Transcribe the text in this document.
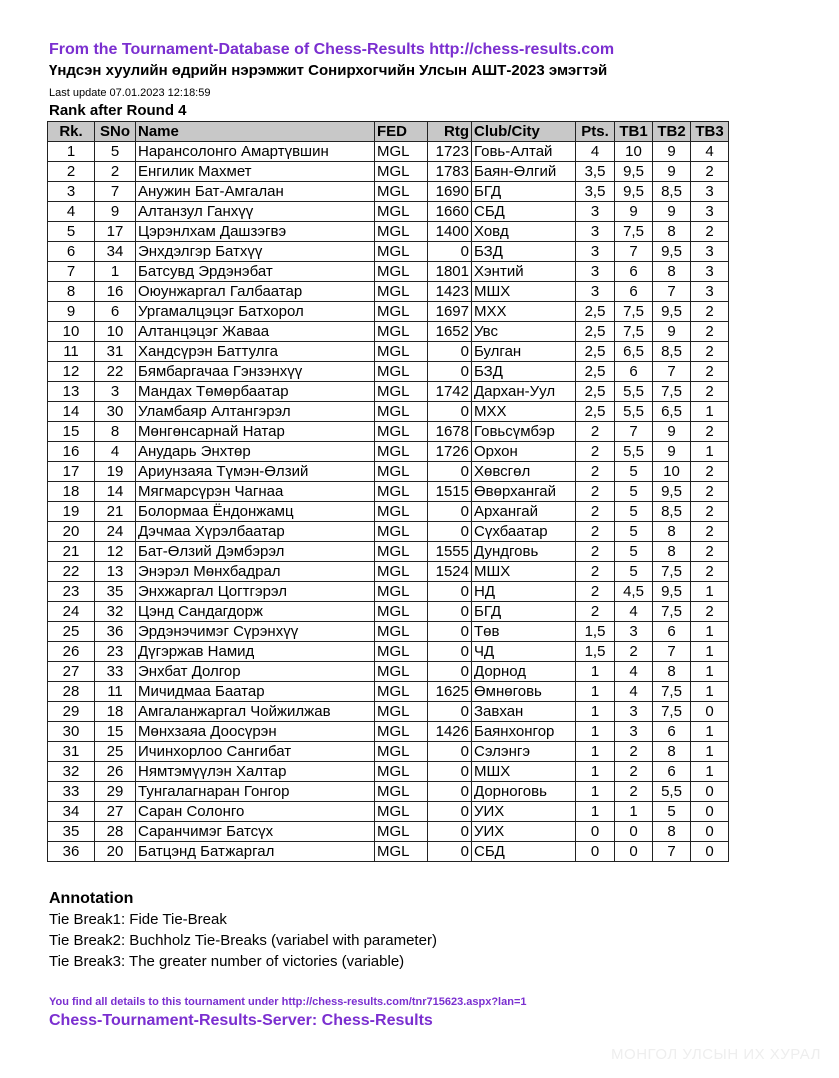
From the Tournament-Database of Chess-Results http://chess-results.com
Үндсэн хуулийн өдрийн нэрэмжит Сонирхогчийн Улсын АШТ-2023 эмэгтэй
Last update 07.01.2023 12:18:59
Rank after Round 4
Rk.	SNo	Name	FED	Rtg	Club/City	Pts.	TB1	TB2	TB3
1	5	Нарансолонго Амартүвшин	MGL	1723	Говь-Алтай	4	10	9	4
2	2	Енгилик Махмет	MGL	1783	Баян-Өлгий	3,5	9,5	9	2
3	7	Анужин Бат-Амгалан	MGL	1690	БГД	3,5	9,5	8,5	3
4	9	Алтанзул Ганхүү	MGL	1660	СБД	3	9	9	3
5	17	Цэрэнлхам Дашзэгвэ	MGL	1400	Ховд	3	7,5	8	2
6	34	Энхдэлгэр Батхүү	MGL	0	БЗД	3	7	9,5	3
7	1	Батсувд Эрдэнэбат	MGL	1801	Хэнтий	3	6	8	3
8	16	Оюунжаргал Галбаатар	MGL	1423	МШХ	3	6	7	3
9	6	Ургамалцэцэг Батхорол	MGL	1697	МХХ	2,5	7,5	9,5	2
10	10	Алтанцэцэг Жаваа	MGL	1652	Увс	2,5	7,5	9	2
11	31	Хандсүрэн Баттулга	MGL	0	Булган	2,5	6,5	8,5	2
12	22	Бямбаргачаа Гэнзэнхүү	MGL	0	БЗД	2,5	6	7	2
13	3	Мандах Төмөрбаатар	MGL	1742	Дархан-Уул	2,5	5,5	7,5	2
14	30	Уламбаяр Алтангэрэл	MGL	0	МХХ	2,5	5,5	6,5	1
15	8	Мөнгөнсарнай Натар	MGL	1678	Говьсүмбэр	2	7	9	2
16	4	Анударь Энхтөр	MGL	1726	Орхон	2	5,5	9	1
17	19	Ариунзаяа Түмэн-Өлзий	MGL	0	Хөвсгөл	2	5	10	2
18	14	Мягмарсүрэн Чагнаа	MGL	1515	Өвөрхангай	2	5	9,5	2
19	21	Болормаа Ёндонжамц	MGL	0	Архангай	2	5	8,5	2
20	24	Дэчмаа Хүрэлбаатар	MGL	0	Сүхбаатар	2	5	8	2
21	12	Бат-Өлзий Дэмбэрэл	MGL	1555	Дундговь	2	5	8	2
22	13	Энэрэл Мөнхбадрал	MGL	1524	МШХ	2	5	7,5	2
23	35	Энхжаргал Цогтгэрэл	MGL	0	НД	2	4,5	9,5	1
24	32	Цэнд Сандагдорж	MGL	0	БГД	2	4	7,5	2
25	36	Эрдэнэчимэг Сүрэнхүү	MGL	0	Төв	1,5	3	6	1
26	23	Дүгэржав Намид	MGL	0	ЧД	1,5	2	7	1
27	33	Энхбат Долгор	MGL	0	Дорнод	1	4	8	1
28	11	Мичидмаа Баатар	MGL	1625	Өмнөговь	1	4	7,5	1
29	18	Амгаланжаргал Чойжилжав	MGL	0	Завхан	1	3	7,5	0
30	15	Мөнхзаяа Доосүрэн	MGL	1426	Баянхонгор	1	3	6	1
31	25	Ичинхорлоо Сангибат	MGL	0	Сэлэнгэ	1	2	8	1
32	26	Нямтэмүүлэн Халтар	MGL	0	МШХ	1	2	6	1
33	29	Тунгалагнаран Гонгор	MGL	0	Дорноговь	1	2	5,5	0
34	27	Саран Солонго	MGL	0	УИХ	1	1	5	0
35	28	Саранчимэг Батсүх	MGL	0	УИХ	0	0	8	0
36	20	Батцэнд Батжаргал	MGL	0	СБД	0	0	7	0
Annotation
Tie Break1: Fide Tie-Break
Tie Break2: Buchholz Tie-Breaks (variabel with parameter)
Tie Break3: The greater number of victories (variable)
You find all details to this tournament under http://chess-results.com/tnr715623.aspx?lan=1
Chess-Tournament-Results-Server: Chess-Results
МОНГОЛ УЛСЫН ИХ ХУРАЛ
